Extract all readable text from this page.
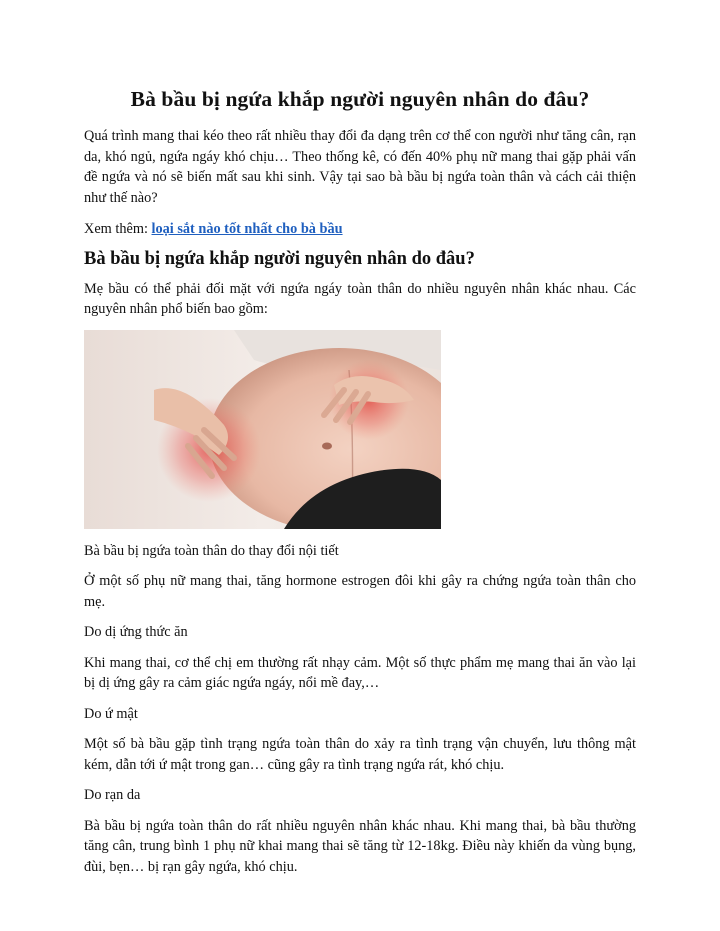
Bà bầu bị ngứa khắp người nguyên nhân do đâu?

Quá trình mang thai kéo theo rất nhiều thay đổi đa dạng trên cơ thể con người như tăng cân, rạn da, khó ngủ, ngứa ngáy khó chịu… Theo thống kê, có đến 40% phụ nữ mang thai gặp phải vấn đề ngứa và nó sẽ biến mất sau khi sinh. Vậy tại sao bà bầu bị ngứa toàn thân và cách cải thiện như thế nào?

Xem thêm: loại sắt nào tốt nhất cho bà bầu

Bà bầu bị ngứa khắp người nguyên nhân do đâu?

Mẹ bầu có thể phải đối mặt với ngứa ngáy toàn thân do nhiều nguyên nhân khác nhau. Các nguyên nhân phổ biến bao gồm:

Bà bầu bị ngứa toàn thân do thay đổi nội tiết

Ở một số phụ nữ mang thai, tăng hormone estrogen đôi khi gây ra chứng ngứa toàn thân cho mẹ.

Do dị ứng thức ăn

Khi mang thai, cơ thể chị em thường rất nhạy cảm. Một số thực phẩm mẹ mang thai ăn vào lại bị dị ứng gây ra cảm giác ngứa ngáy, nổi mề đay,…

Do ứ mật

Một số bà bầu gặp tình trạng ngứa toàn thân do xảy ra tình trạng vận chuyển, lưu thông mật kém, dẫn tới ứ mật trong gan… cũng gây ra tình trạng ngứa rát, khó chịu.

Do rạn da

Bà bầu bị ngứa toàn thân do rất nhiều nguyên nhân khác nhau. Khi mang thai, bà bầu thường tăng cân, trung bình 1 phụ nữ khai mang thai sẽ tăng từ 12-18kg. Điều này khiến da vùng bụng, đùi, bẹn… bị rạn gây ngứa, khó chịu.
